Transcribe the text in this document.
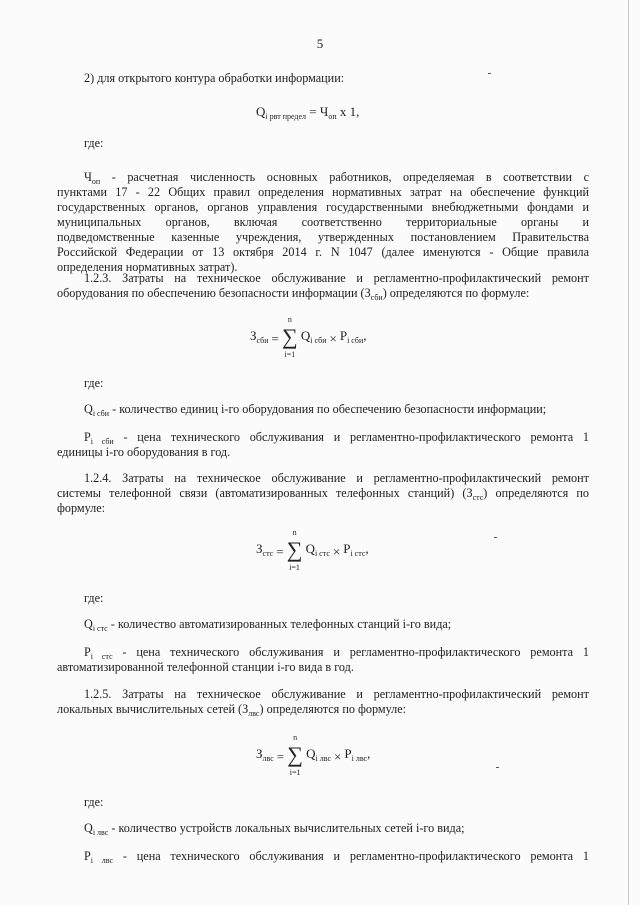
5
2) для открытого контура обработки информации:
$Q_{i рвт предел} = Ч_{оп}$ x 1,
где:
$Ч_{оп}$ - расчетная численность основных работников, определяемая в соответствии с
пунктами 17 - 22 Общих правил определения нормативных затрат на обеспечение функций
государственных органов, органов управления государственными внебюджетными фондами и
муниципальных органов, включая соответственно территориальные органы и
подведомственные казенные учреждения, утвержденных постановлением Правительства
Российской Федерации от 13 октября 2014 г. N 1047 (далее именуются - Общие правила
определения нормативных затрат).
1.2.3. Затраты на техническое обслуживание и регламентно-профилактический ремонт
оборудования по обеспечению безопасности информации $(З_{сби})$ определяются по формуле:
$З_{сби}$ =
n
∑
i=1
$Q_{i сби} \times P_{i сби}$,
где:
$Q_{i сби}$ - количество единиц i-го оборудования по обеспечению безопасности информации;
$P_{i сби}$ - цена технического обслуживания и регламентно-профилактического ремонта 1
единицы i-го оборудования в год.
1.2.4. Затраты на техническое обслуживание и регламентно-профилактический ремонт
системы телефонной связи (автоматизированных телефонных станций) $(З_{стс})$ определяются по
формуле:
$З_{стс}$ =
n
∑
i=1
$Q_{i стс} \times P_{i стс}$,
где:
$Q_{i стс}$ - количество автоматизированных телефонных станций i-го вида;
$P_{i стс}$ - цена технического обслуживания и регламентно-профилактического ремонта 1
автоматизированной телефонной станции i-го вида в год.
1.2.5. Затраты на техническое обслуживание и регламентно-профилактический ремонт
локальных вычислительных сетей $(З_{лвс})$ определяются по формуле:
$З_{лвс}$ =
n
∑
i=1
$Q_{i лвс} \times P_{i лвс}$,
где:
$Q_{i лвс}$ - количество устройств локальных вычислительных сетей i-го вида;
$P_{i лвс}$ - цена технического обслуживания и регламентно-профилактического ремонта 1
